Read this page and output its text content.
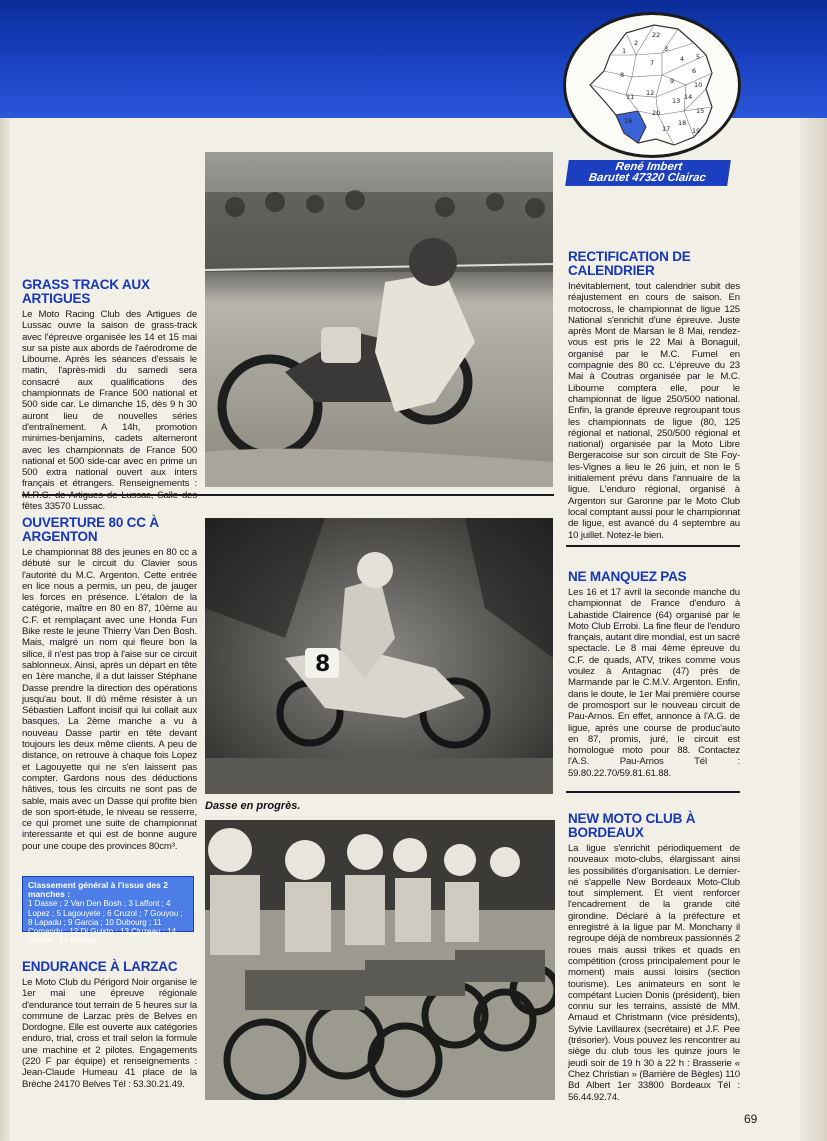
22
3
4 5
1
2
6
7
8
9	10
11 12
13 14
15
16
17
18
19
20
21
René Imbert
Barutet 47320 Clairac
8
GRASS TRACK AUX ARTIGUES
Le Moto Racing Club des Artigues de Lussac ouvre la saison de grass-track avec l'épreuve organisée les 14 et 15 mai sur sa piste aux abords de l'aérodrome de Libourne. Après les séances d'essais le matin, l'après-midi du samedi sera consacré aux qualifications des championnats de France 500 national et 500 side car. Le dimanche 15, dès 9 h 30 auront lieu de nouvelles séries d'entraînement. A 14h, promotion minimes-benjamins, cadets alterneront avec les championnats de France 500 national et 500 side-car avec en prime un 500 extra national ouvert aux inters français et étrangers. Renseignements : M.R.C. de Artigues de Lussac, Salle des fêtes 33570 Lussac.
OUVERTURE 80 CC À ARGENTON
Le championnat 88 des jeunes en 80 cc a débuté sur le circuit du Clavier sous l'autorité du M.C. Argenton. Cette entrée en lice nous a permis, un peu, de jauger les forces en présence. L'étalon de la catégorie, maître en 80 en 87, 10ème au C.F. et remplaçant avec une Honda Fun Bike reste le jeune Thierry Van Den Bosh. Mais, malgré un nom qui fleure bon la silice, il n'est pas trop à l'aise sur ce circuit sablonneux. Ainsi, après un départ en tête en 1ère manche, il a dut laisser Stéphane Dasse prendre la direction des opérations jusqu'au bout. Il dû même résister à un Sébastien Laffont incisif qui lui collait aux basques. La 2ème manche a vu à nouveau Dasse partir en tête devant toujours les deux même clients. A peu de distance, on retrouve à chaque fois Lopez et Lagouyette qui ne s'en laissent pas compter. Gardons nous des déductions hâtives, tous les circuits ne sont pas de sable, mais avec un Dasse qui profite bien de son sport-étude, le niveau se resserre, ce qui promet une suite de championnat interessante et qui est de bonne augure pour une coupe des provinces 80cm³.
Classement général à l'issue des 2 manches :
1 Dasse ; 2 Van Den Bosh ; 3 Laffont ; 4 Lopez ; 5 Lagouyete ; 6 Cruzol ; 7 Gouyou ; 8 Lapadu ; 9 Garcia ; 10 Dubourg ; 11 Comandu ; 12 Di Guisto ; 13 Cluzeau ; 14 Pichon ; 15 Martine.
ENDURANCE À LARZAC
Le Moto Club du Périgord Noir organise le 1er mai une épreuve régionale d'endurance tout terrain de 5 heures sur la commune de Larzac près de Belves en Dordogne. Elle est ouverte aux catégories enduro, trial, cross et trail selon la formule une machine et 2 pilotes. Engagements (220 F par équipe) et renseignements : Jean-Claude Humeau 41 place de la Brèche 24170 Belves Tél : 53.30.21.49.
RECTIFICATION DE CALENDRIER
Inévitablement, tout calendrier subit des réajustement en cours de saison. En motocross, le championnat de ligue 125 National s'enrichit d'une épreuve. Juste après Mont de Marsan le 8 Mai, rendez-vous est pris le 22 Mai à Bonaguil, organisé par le M.C. Fumel en compagnie des 80 cc. L'épreuve du 23 Mai à Coutras organisée par le M.C. Libourne comptera elle, pour le championnat de ligue 250/500 national. Enfin, la grande épreuve regroupant tous les championnats de ligue (80, 125 régional et national, 250/500 régional et national) organisée par la Moto Libre Bergeracoise sur son circuit de Ste Foy-les-Vignes a lieu le 26 juin, et non le 5 initialement prévu dans l'annuaire de la ligue. L'enduro régional, organisé à Argenton sur Garonne par le Moto Club local comptant aussi pour le championnat de ligue, est avancé du 4 septembre au 10 juillet. Notez-le bien.
NE MANQUEZ PAS
Les 16 et 17 avril la seconde manche du championnat de France d'enduro à Labastide Clairence (64) organisé par le Moto Club Errobi. La fine fleur de l'enduro français, autant dire mondial, est un sacré spectacle. Le 8 mai 4ème épreuve du C.F. de quads, ATV, trikes comme vous voulez à Antagnac (47) près de Marmande par le C.M.V. Argenton. Enfin, dans le doute, le 1er Mai première course de promosport sur le nouveau circuit de Pau-Arnos. En effet, annonce à l'A.G. de ligue, après une course de produc'auto en 87, promis, juré, le circuit est homologué moto pour 88. Contactez l'A.S. Pau-Arnos Tél : 59.80.22.70/59.81.61.88.
NEW MOTO CLUB À BORDEAUX
La ligue s'enrichit périodiquement de nouveaux moto-clubs, élargissant ainsi les possibilités d'organisation. Le dernier-né s'appelle New Bordeaux Moto-Club tout simplement. Et vient renforcer l'encadrement de la grande cité girondine. Déclaré à la préfecture et enregistré à la ligue par M. Monchany il regroupe déjà de nombreux passionnés 2 roues mais aussi trikes et quads en compétition (cross principalement pour le moment) mais aussi loisirs (section tourisme). Les animateurs en sont le compétant Lucien Donis (président), bien connu sur les terrains, assisté de MM. Arnaud et Christmann (vice présidents), Sylvie Lavillaurex (secrétaire) et J.F. Pee (trésorier). Vous pouvez les rencontrer au siège du club tous les quinze jours le jeudi soir de 19 h 30 à 22 h : Brasserie « Chez Christian » (Barrière de Bègles) 110 Bd Albert 1er 33800 Bordeaux Tél : 56.44.92.74.
Dasse en progrès.
69
